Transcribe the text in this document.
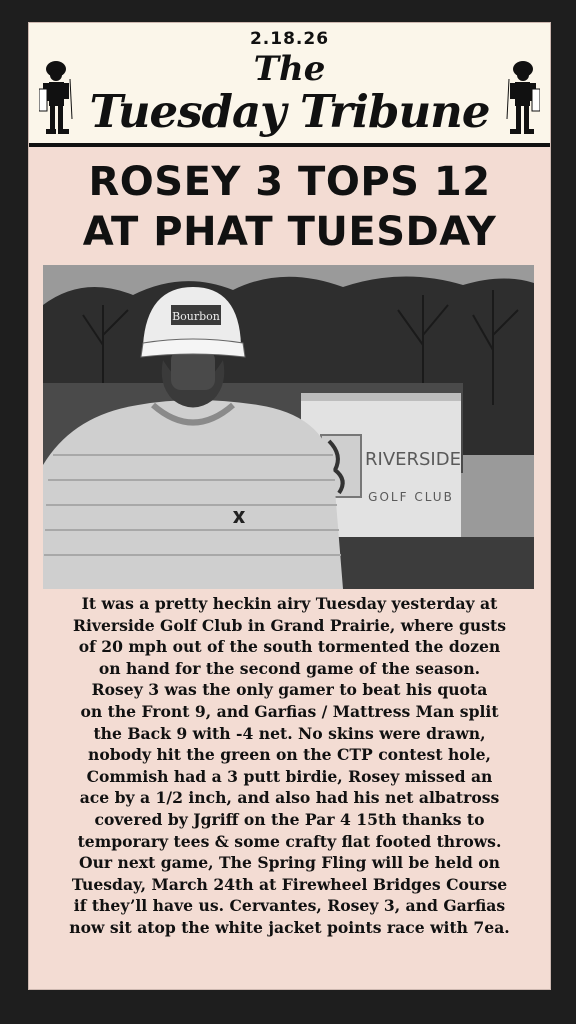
2.18.26
The
Tuesday Tribune
ROSEY 3 TOPS 12
AT PHAT TUESDAY
RIVERSIDE
GOLF CLUB
Bourbon
It was a pretty heckin airy Tuesday yesterday at
Riverside Golf Club in Grand Prairie, where gusts
of 20 mph out of the south tormented the dozen
on hand for the second game of the season.
Rosey 3 was the only gamer to beat his quota
on the Front 9, and Garfias / Mattress Man split
the Back 9 with -4 net. No skins were drawn,
nobody hit the green on the CTP contest hole,
Commish had a 3 putt birdie, Rosey missed an
ace by a 1/2 inch, and also had his net albatross
covered by Jgriff on the Par 4 15th thanks to
temporary tees & some crafty flat footed throws.
Our next game, The Spring Fling will be held on
Tuesday, March 24th at Firewheel Bridges Course
if they’ll have us. Cervantes, Rosey 3, and Garfias
now sit atop the white jacket points race with 7ea.
